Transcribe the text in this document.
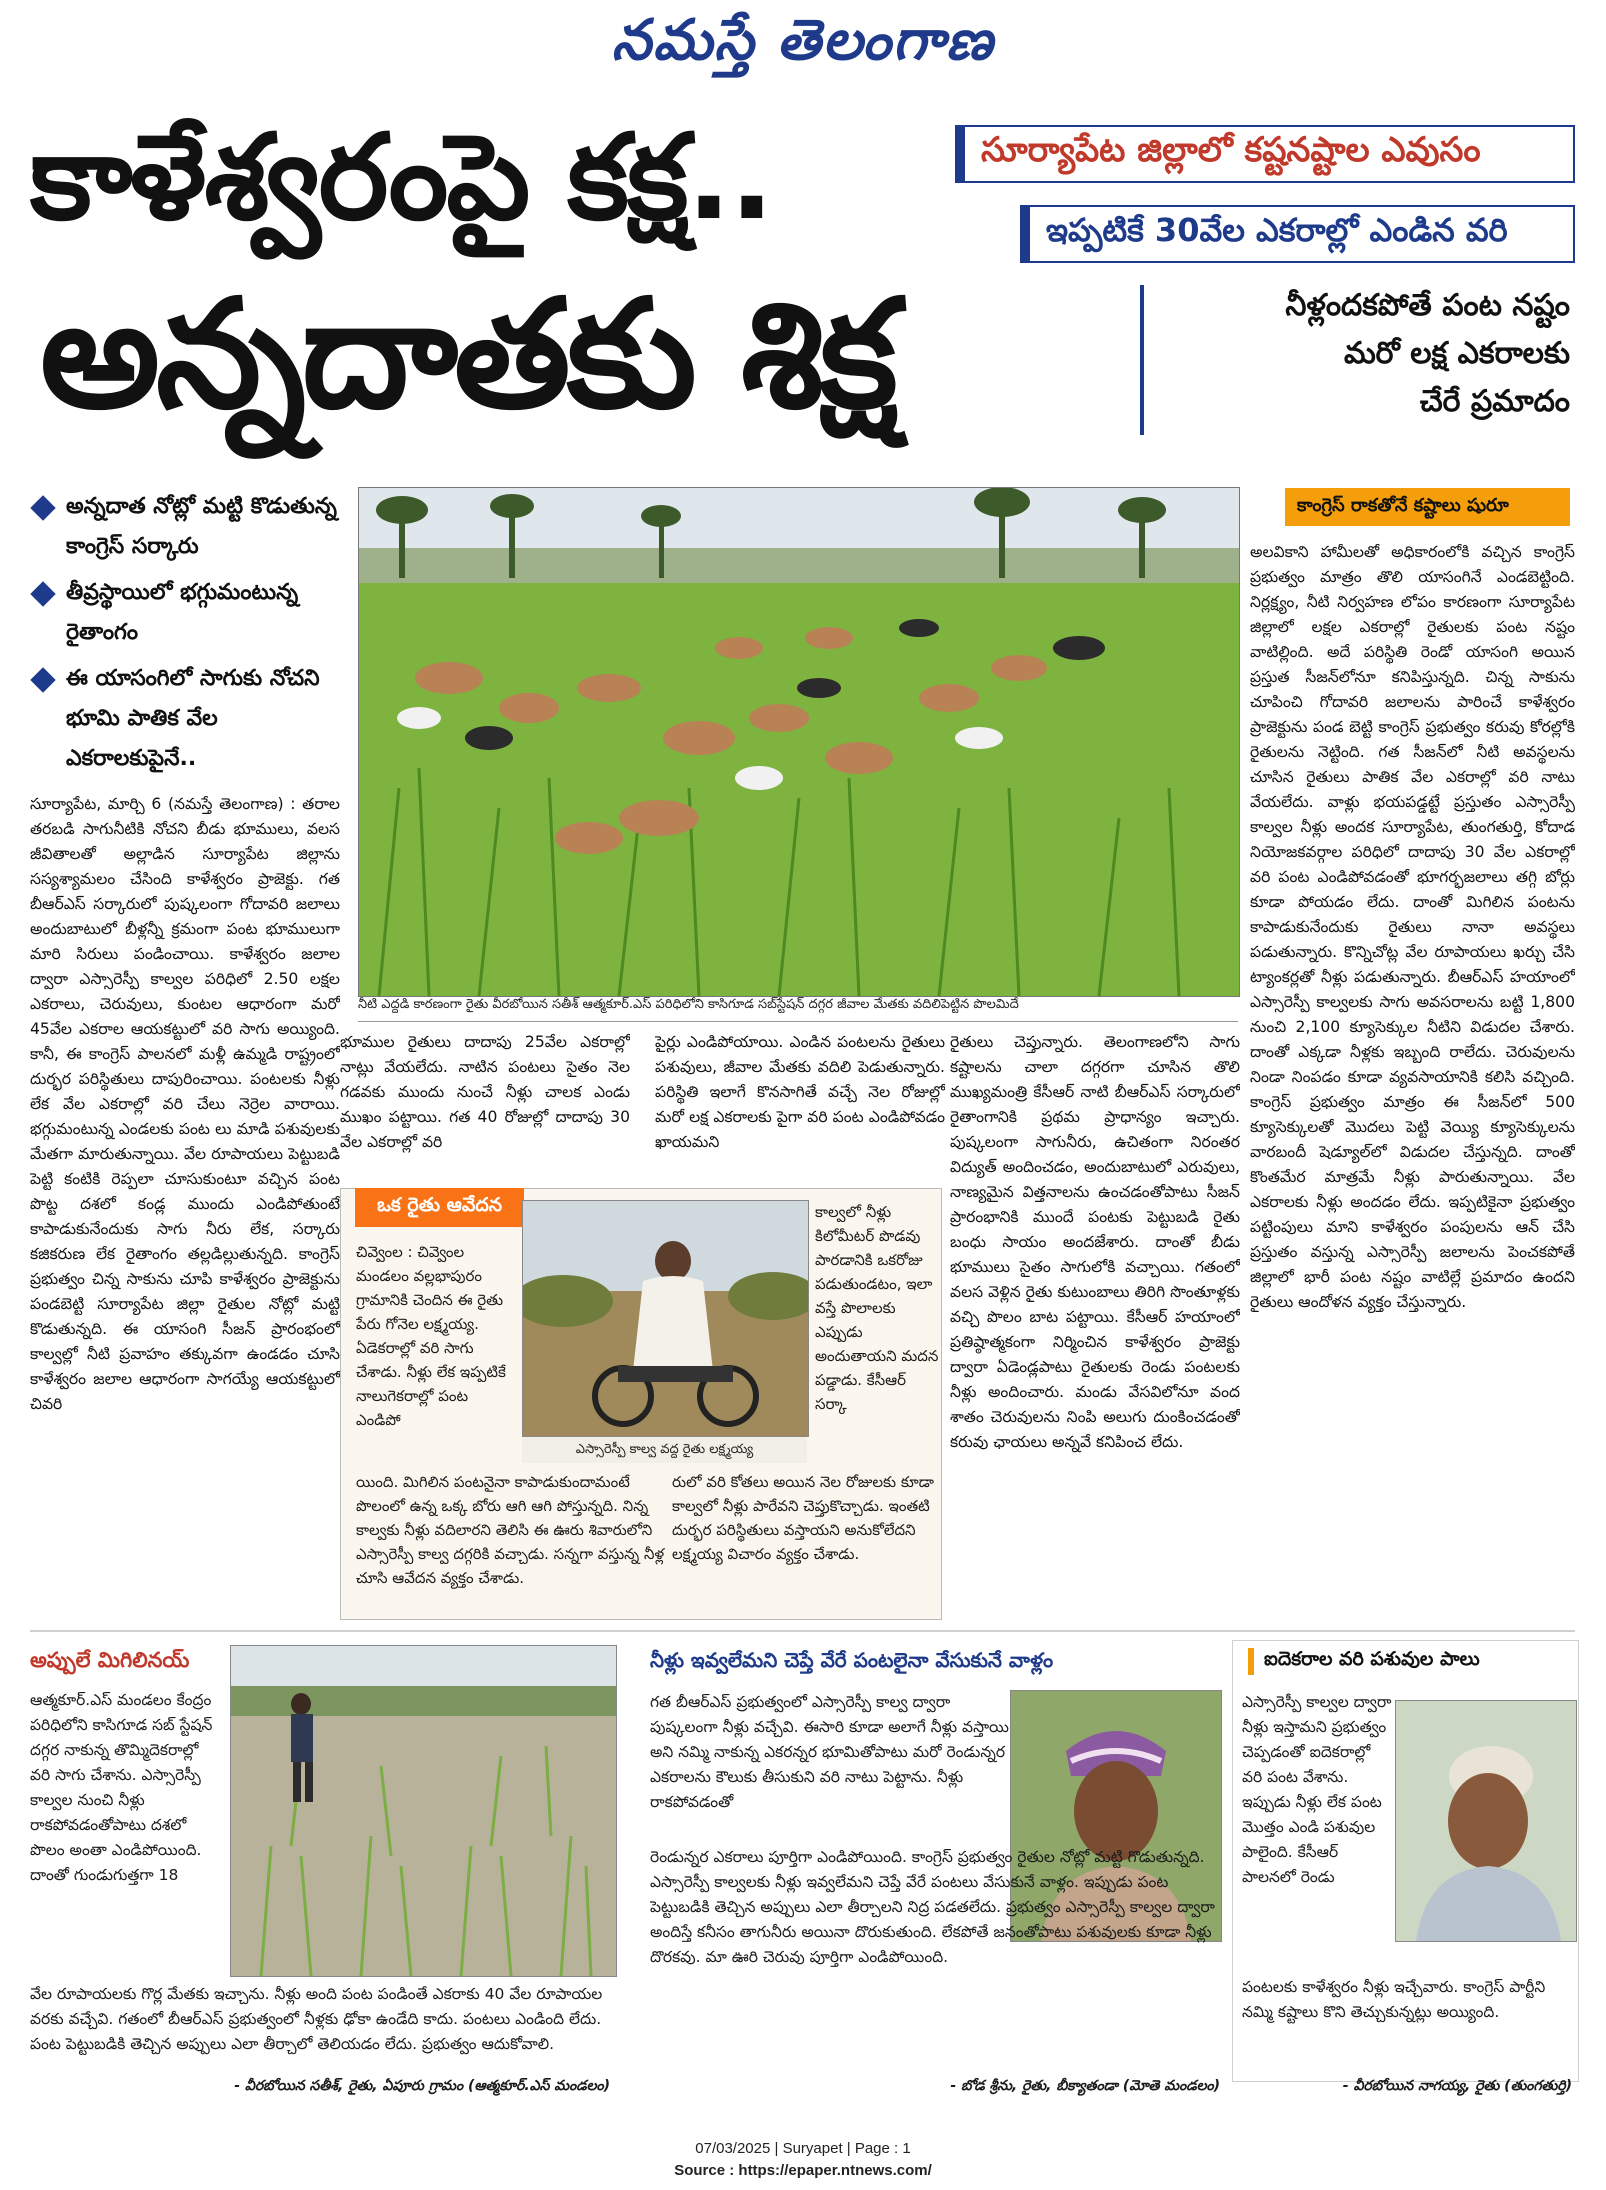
నమస్తే తెలంగాణ
కాళేశ్వరంపై కక్ష..
అన్నదాతకు శిక్ష
సూర్యాపేట జిల్లాలో కష్టనష్టాల ఎవుసం
ఇప్పటికే 30వేల ఎకరాల్లో ఎండిన వరి
నీళ్లందకపోతే పంట నష్టం
మరో లక్ష ఎకరాలకు
చేరే ప్రమాదం
అన్నదాత నోట్లో మట్టి కొడుతున్న కాంగ్రెస్ సర్కారు
తీవ్రస్థాయిలో భగ్గుమంటున్న రైతాంగం
ఈ యాసంగిలో సాగుకు నోచని భూమి పాతిక వేల ఎకరాలకుపైనే..
నీటి ఎద్దడి కారణంగా రైతు వీరబోయిన సతీశ్ ఆత్మకూర్.ఎస్ పరిధిలోని కాసిగూడ సబ్‌స్టేషన్ దగ్గర జీవాల మేతకు వదిలిపెట్టిన పొలమిదే
సూర్యాపేట, మార్చి 6 (నమస్తే తెలంగాణ) : తరాల తరబడి సాగునీటికి నోచని బీడు భూములు, వలస జీవితాలతో అల్లాడిన సూర్యాపేట జిల్లాను సస్యశ్యామలం చేసింది కాళేశ్వరం ప్రాజెక్టు. గత బీఆర్‌ఎస్ సర్కారులో పుష్కలంగా గోదావరి జలాలు అందుబాటులో బీళ్లన్నీ క్రమంగా పంట భూములుగా మారి సిరులు పండించాయి. కాళేశ్వరం జలాల ద్వారా ఎస్సారెస్పీ కాల్వల పరిధిలో 2.50 లక్షల ఎకరాలు, చెరువులు, కుంటల ఆధారంగా మరో 45వేల ఎకరాల ఆయకట్టులో వరి సాగు అయ్యింది. కానీ, ఈ కాంగ్రెస్ పాలనలో మళ్లీ ఉమ్మడి రాష్ట్రంలో దుర్భర పరిస్థితులు దాపురించాయి. పంటలకు నీళ్లు లేక వేల ఎకరాల్లో వరి చేలు నెర్రెల వారాయి. భగ్గుమంటున్న ఎండలకు పంట లు మాడి పశువులకు మేతగా మారుతున్నాయి. వేల రూపాయలు పెట్టుబడి పెట్టి కంటికి రెప్పలా చూసుకుంటూ వచ్చిన పంట పొట్ట దశలో కండ్ల ముందు ఎండిపోతుంటే కాపాడుకునేందుకు సాగు నీరు లేక, సర్కారు కజికరుణ లేక రైతాంగం తల్లడిల్లుతున్నది. కాంగ్రెస్ ప్రభుత్వం చిన్న సాకును చూపి కాళేశ్వరం ప్రాజెక్టును పండబెట్టి సూర్యాపేట జిల్లా రైతుల నోట్లో మట్టి కొడుతున్నది. ఈ యాసంగి సీజన్ ప్రారంభంలో కాల్వల్లో నీటి ప్రవాహం తక్కువగా ఉండడం చూసి కాళేశ్వరం జలాల ఆధారంగా సాగయ్యే ఆయకట్టులో చివరి
కాంగ్రెస్ రాకతోనే కష్టాలు షురూ
అలవికాని హామీలతో అధికారంలోకి వచ్చిన కాంగ్రెస్ ప్రభుత్వం మాత్రం తొలి యాసంగినే ఎండబెట్టింది. నిర్లక్ష్యం, నీటి నిర్వహణ లోపం కారణంగా సూర్యాపేట జిల్లాలో లక్షల ఎకరాల్లో రైతులకు పంట నష్టం వాటిల్లింది. అదే పరిస్థితి రెండో యాసంగి అయిన ప్రస్తుత సీజన్‌లోనూ కనిపిస్తున్నది. చిన్న సాకును చూపించి గోదావరి జలాలను పారించే కాళేశ్వరం ప్రాజెక్టును పండ బెట్టి కాంగ్రెస్ ప్రభుత్వం కరువు కోరల్లోకి రైతులను నెట్టింది. గత సీజన్‌లో నీటి అవస్థలను చూసిన రైతులు పాతిక వేల ఎకరాల్లో వరి నాటు వేయలేదు. వాళ్లు భయపడ్డట్టే ప్రస్తుతం ఎస్సారెస్పీ కాల్వల నీళ్లు అందక సూర్యాపేట, తుంగతుర్తి, కోదాడ నియోజకవర్గాల పరిధిలో దాదాపు 30 వేల ఎకరాల్లో వరి పంట ఎండిపోవడంతో భూగర్భజలాలు తగ్గి బోర్లు కూడా పోయడం లేదు. దాంతో మిగిలిన పంటను కాపాడుకునేందుకు రైతులు నానా అవస్థలు పడుతున్నారు. కొన్నిచోట్ల వేల రూపాయలు ఖర్చు చేసి ట్యాంకర్లతో నీళ్లు పడుతున్నారు. బీఆర్‌ఎస్ హయాంలో ఎస్సారెస్పీ కాల్వలకు సాగు అవసరాలను బట్టి 1,800 నుంచి 2,100 క్యూసెక్కుల నీటిని విడుదల చేశారు. దాంతో ఎక్కడా నీళ్లకు ఇబ్బంది రాలేదు. చెరువులను నిండా నింపడం కూడా వ్యవసాయానికి కలిసి వచ్చింది. కాంగ్రెస్ ప్రభుత్వం మాత్రం ఈ సీజన్‌లో 500 క్యూసెక్కులతో మొదలు పెట్టి వెయ్యి క్యూసెక్కులను వారబందీ షెడ్యూల్‌లో విడుదల చేస్తున్నది. దాంతో కొంతమేర మాత్రమే నీళ్లు పారుతున్నాయి. వేల ఎకరాలకు నీళ్లు అందడం లేదు. ఇప్పటికైనా ప్రభుత్వం పట్టింపులు మాని కాళేశ్వరం పంపులను ఆన్ చేసి ప్రస్తుతం వస్తున్న ఎస్సారెస్పీ జలాలను పెంచకపోతే జిల్లాలో భారీ పంట నష్టం వాటిల్లే ప్రమాదం ఉందని రైతులు ఆందోళన వ్యక్తం చేస్తున్నారు.
భూముల రైతులు దాదాపు 25వేల ఎకరాల్లో నాట్లు వేయలేదు. నాటిన పంటలు సైతం నెల గడవకు ముందు నుంచే నీళ్లు చాలక ఎండు ముఖం పట్టాయి. గత 40 రోజుల్లో దాదాపు 30 వేల ఎకరాల్లో వరి
పైర్లు ఎండిపోయాయి. ఎండిన పంటలను రైతులు పశువులు, జీవాల మేతకు వదిలి పెడుతున్నారు. పరిస్థితి ఇలాగే కొనసాగితే వచ్చే నెల రోజుల్లో మరో లక్ష ఎకరాలకు పైగా వరి పంట ఎండిపోవడం ఖాయమని
రైతులు చెప్తున్నారు. తెలంగాణలోని సాగు కష్టాలను చాలా దగ్గరగా చూసిన తొలి ముఖ్యమంత్రి కేసీఆర్ నాటి బీఆర్‌ఎస్ సర్కారులో రైతాంగానికి ప్రథమ ప్రాధాన్యం ఇచ్చారు. పుష్కలంగా సాగునీరు, ఉచితంగా నిరంతర విద్యుత్ అందించడం, అందుబాటులో ఎరువులు, నాణ్యమైన విత్తనాలను ఉంచడంతోపాటు సీజన్ ప్రారంభానికి ముందే పంటకు పెట్టుబడి రైతు బంధు సాయం అందజేశారు. దాంతో బీడు భూములు సైతం సాగులోకి వచ్చాయి. గతంలో వలస వెళ్లిన రైతు కుటుంబాలు తిరిగి సొంతూళ్లకు వచ్చి పొలం బాట పట్టాయి. కేసీఆర్ హయాంలో ప్రతిష్ఠాత్మకంగా నిర్మించిన కాళేశ్వరం ప్రాజెక్టు ద్వారా ఏడెండ్లపాటు రైతులకు రెండు పంటలకు నీళ్లు అందించారు. మండు వేసవిలోనూ వంద శాతం చెరువులను నింపి అలుగు దుంకించడంతో కరువు ఛాయలు అన్నవే కనిపించ లేదు.
ఒక రైతు ఆవేదన
చివ్వెంల : చివ్వెంల మండలం వల్లభాపురం గ్రామానికి చెందిన ఈ రైతు పేరు గోనెల లక్ష్మయ్య. ఏడెకరాల్లో వరి సాగు చేశాడు. నీళ్లు లేక ఇప్పటికే నాలుగెకరాల్లో పంట ఎండిపో
ఎస్సారెస్పీ కాల్వ వద్ద రైతు లక్ష్మయ్య
కాల్వలో నీళ్లు కిలోమీటర్ పొడవు పారడానికి ఒకరోజు పడుతుండటం, ఇలా వస్తే పొలాలకు ఎప్పుడు అందుతాయని మదన పడ్డాడు. కేసీఆర్ సర్కా
యింది. మిగిలిన పంటనైనా కాపాడుకుందామంటే పొలంలో ఉన్న ఒక్క బోరు ఆగి ఆగి పోస్తున్నది. నిన్న కాల్వకు నీళ్లు వదిలారని తెలిసి ఈ ఊరు శివారులోని ఎస్సారెస్పీ కాల్వ దగ్గరికి వచ్చాడు. సన్నగా వస్తున్న నీళ్ల చూసి ఆవేదన వ్యక్తం చేశాడు.
రులో వరి కోతలు అయిన నెల రోజులకు కూడా కాల్వలో నీళ్లు పారేవని చెప్తుకొచ్చాడు. ఇంతటి దుర్భర పరిస్థితులు వస్తాయని అనుకోలేదని లక్ష్మయ్య విచారం వ్యక్తం చేశాడు.
అప్పులే మిగిలినయ్
ఆత్మకూర్.ఎస్ మండలం కేంద్రం పరిధిలోని కాసిగూడ సబ్ స్టేషన్ దగ్గర నాకున్న తొమ్మిదెకరాల్లో వరి సాగు చేశాను. ఎస్సారెస్పీ కాల్వల నుంచి నీళ్లు రాకపోవడంతోపాటు దశలో పొలం అంతా ఎండిపోయింది. దాంతో గుండుగుత్తగా 18
వేల రూపాయలకు గొర్ల మేతకు ఇచ్చాను. నీళ్లు అంది పంట పండింతే ఎకరాకు 40 వేల రూపాయల వరకు వచ్చేవి. గతంలో బీఆర్‌ఎస్ ప్రభుత్వంలో నీళ్లకు ఢోకా ఉండేది కాదు. పంటలు ఎండింది లేదు. పంట పెట్టుబడికి తెచ్చిన అప్పులు ఎలా తీర్చాలో తెలియడం లేదు. ప్రభుత్వం ఆదుకోవాలి.
- వీరబోయిన సతీశ్, రైతు, ఏపూరు గ్రామం (ఆత్మకూర్.ఎస్ మండలం)
నీళ్లు ఇవ్వలేమని చెప్తే వేరే పంటలైనా వేసుకునే వాళ్లం
గత బీఆర్‌ఎస్ ప్రభుత్వంలో ఎస్సారెస్పీ కాల్వ ద్వారా పుష్కలంగా నీళ్లు వచ్చేవి. ఈసారి కూడా అలాగే నీళ్లు వస్తాయి అని నమ్మి నాకున్న ఎకరన్నర భూమితోపాటు మరో రెండున్నర ఎకరాలను కౌలుకు తీసుకుని వరి నాటు పెట్టాను. నీళ్లు రాకపోవడంతో
రెండున్నర ఎకరాలు పూర్తిగా ఎండిపోయింది. కాంగ్రెస్ ప్రభుత్వం రైతుల నోట్లో మట్టి గొడుతున్నది. ఎస్సారెస్పీ కాల్వలకు నీళ్లు ఇవ్వలేమని చెప్తే వేరే పంటలు వేసుకునే వాళ్లం. ఇప్పుడు పంట పెట్టుబడికి తెచ్చిన అప్పులు ఎలా తీర్చాలని నిద్ర పడతలేదు. ప్రభుత్వం ఎస్సారెస్పీ కాల్వల ద్వారా అందిస్తే కనీసం తాగునీరు అయినా దొరుకుతుంది. లేకపోతే జనంతోపాటు పశువులకు కూడా నీళ్లు దొరకవు. మా ఊరి చెరువు పూర్తిగా ఎండిపోయింది.
- బోడ శ్రీను, రైతు, బీక్యాతండా (మోతె మండలం)
ఐదెకరాల వరి పశువుల పాలు
ఎస్సారెస్పీ కాల్వల ద్వారా నీళ్లు ఇస్తామని ప్రభుత్వం చెప్పడంతో ఐదెకరాల్లో వరి పంట వేశాను. ఇప్పుడు నీళ్లు లేక పంట మొత్తం ఎండి పశువుల పాలైంది. కేసీఆర్ పాలనలో రెండు
పంటలకు కాళేశ్వరం నీళ్లు ఇచ్చేవారు. కాంగ్రెస్ పార్టీని నమ్మి కష్టాలు కొని తెచ్చుకున్నట్లు అయ్యింది.
- వీరబోయిన నాగయ్య, రైతు (తుంగతుర్తి)
07/03/2025 | Suryapet | Page : 1
Source : https://epaper.ntnews.com/
